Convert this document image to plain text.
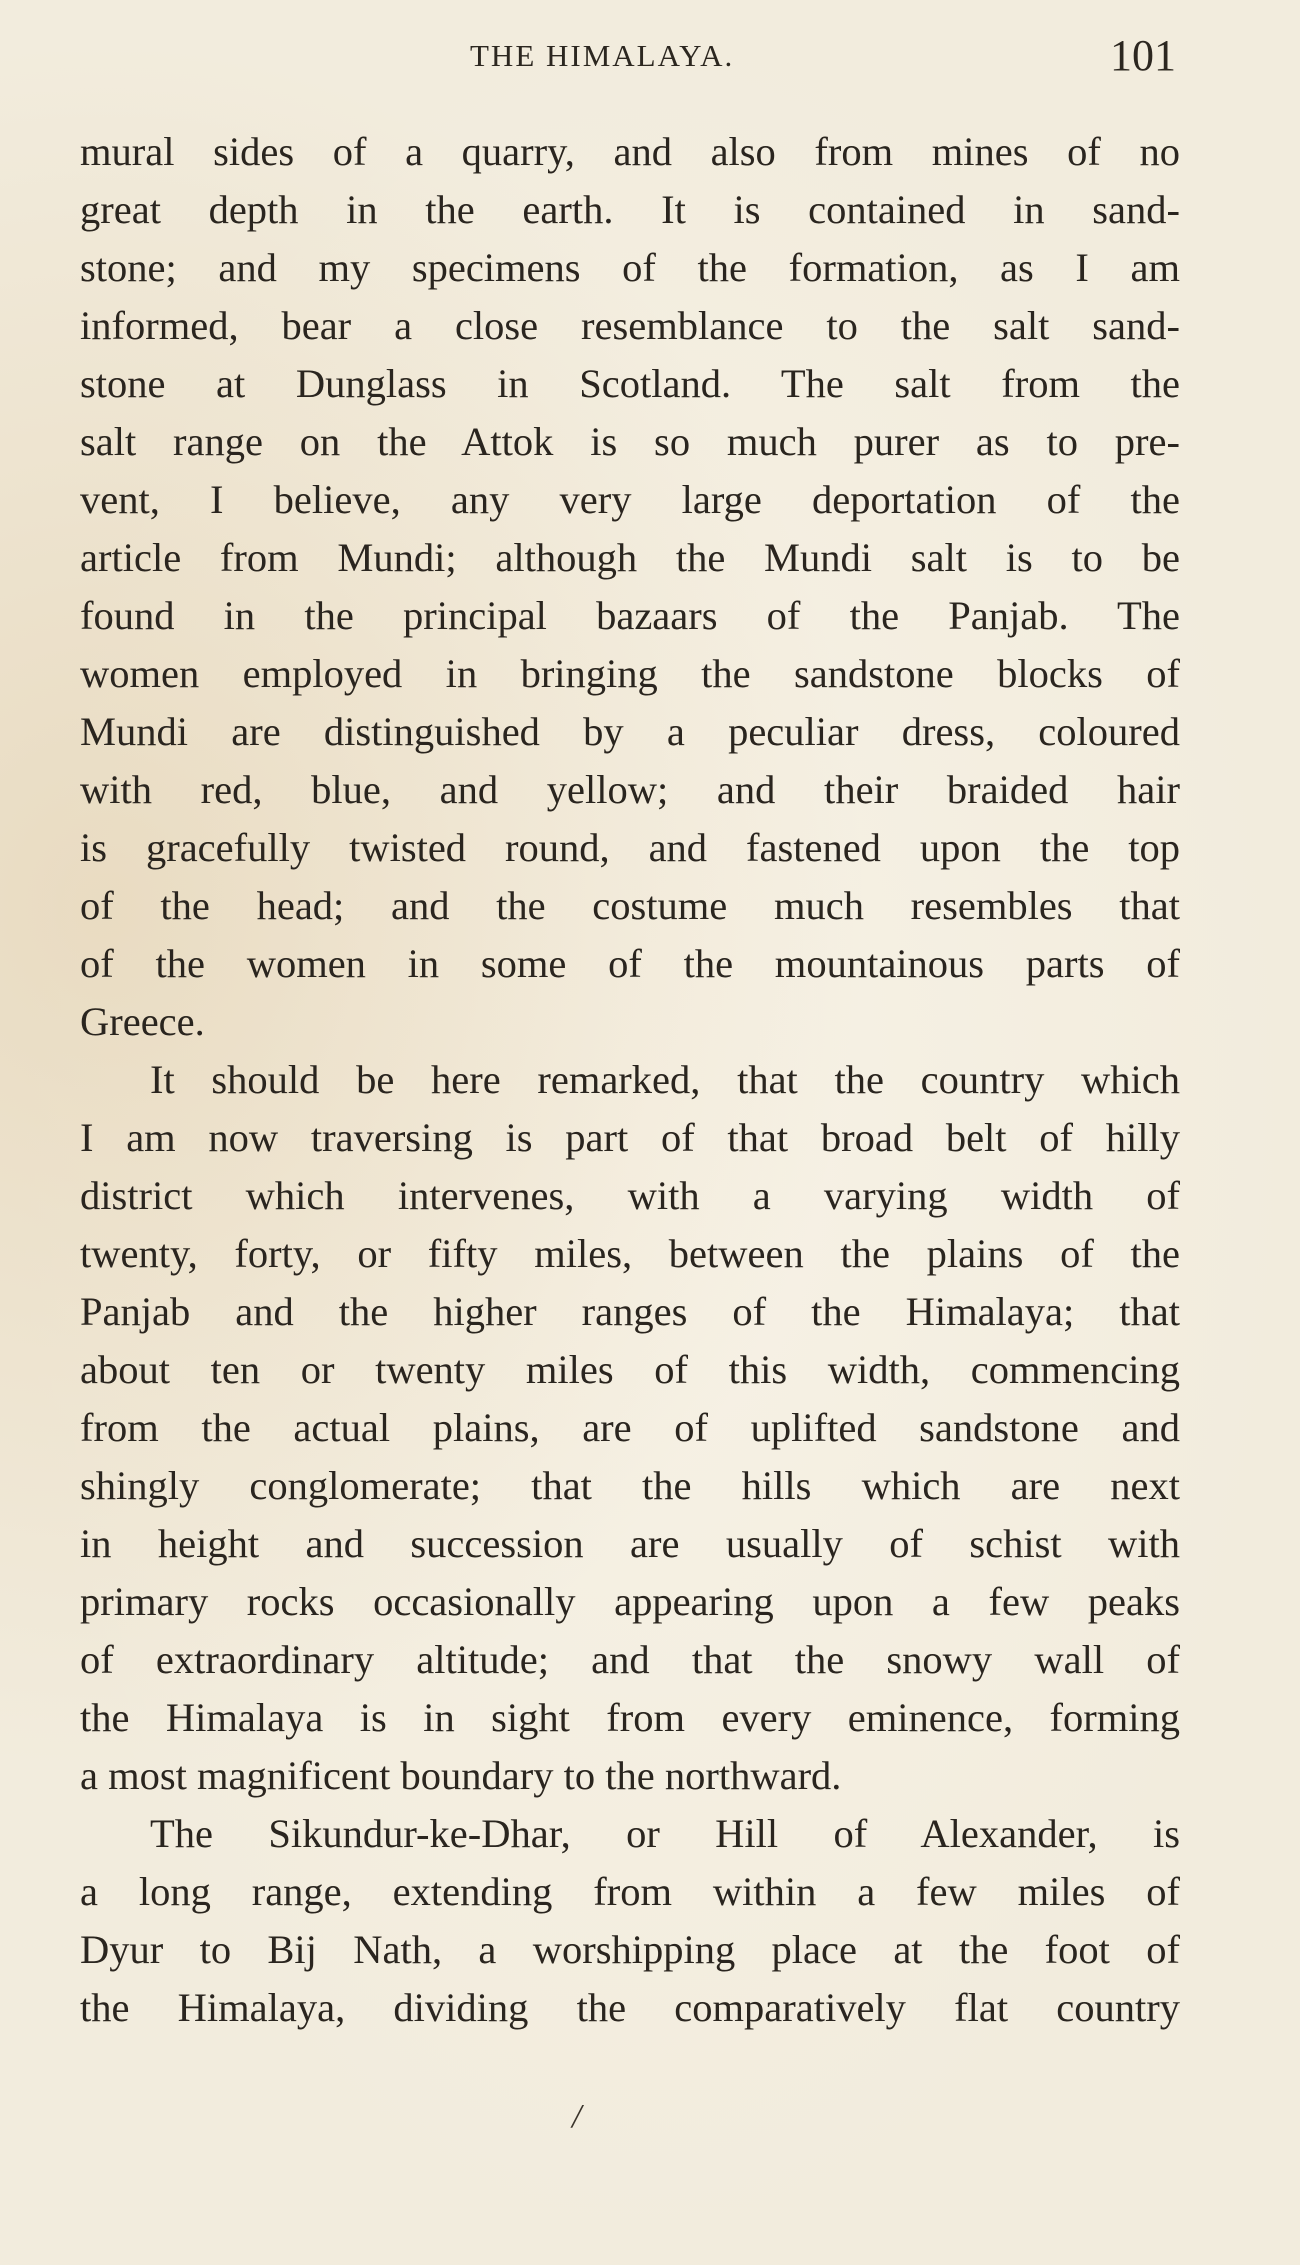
THE HIMALAYA.	101
mural sides of a quarry, and also from mines of no
great depth in the earth. It is contained in sand-
stone; and my specimens of the formation, as I am
informed, bear a close resemblance to the salt sand-
stone at Dunglass in Scotland. The salt from the
salt range on the Attok is so much purer as to pre-
vent, I believe, any very large deportation of the
article from Mundi; although the Mundi salt is to be
found in the principal bazaars of the Panjab. The
women employed in bringing the sandstone blocks of
Mundi are distinguished by a peculiar dress, coloured
with red, blue, and yellow; and their braided hair
is gracefully twisted round, and fastened upon the top
of the head; and the costume much resembles that
of the women in some of the mountainous parts of
Greece.
It should be here remarked, that the country which
I am now traversing is part of that broad belt of hilly
district which intervenes, with a varying width of
twenty, forty, or fifty miles, between the plains of the
Panjab and the higher ranges of the Himalaya; that
about ten or twenty miles of this width, commencing
from the actual plains, are of uplifted sandstone and
shingly conglomerate; that the hills which are next
in height and succession are usually of schist with
primary rocks occasionally appearing upon a few peaks
of extraordinary altitude; and that the snowy wall of
the Himalaya is in sight from every eminence, forming
a most magnificent boundary to the northward.
The Sikundur-ke-Dhar, or Hill of Alexander, is
a long range, extending from within a few miles of
Dyur to Bij Nath, a worshipping place at the foot of
the Himalaya, dividing the comparatively flat country
/
